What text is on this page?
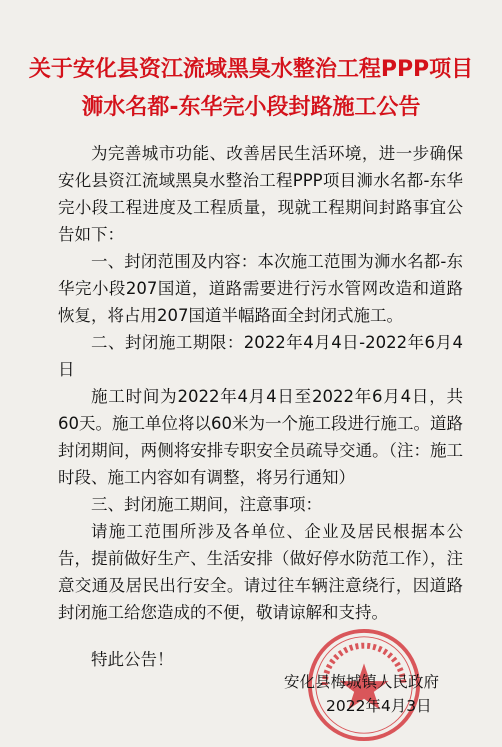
关于安化县资江流域黑臭水整治工程PPP项目
浉水名都-东华完小段封路施工公告

为完善城市功能、改善居民生活环境，进一步确保安化县资江流域黑臭水整治工程PPP项目浉水名都-东华完小段工程进度及工程质量，现就工程期间封路事宜公告如下：

一、封闭范围及内容：本次施工范围为浉水名都-东华完小段207国道，道路需要进行污水管网改造和道路恢复，将占用207国道半幅路面全封闭式施工。

二、封闭施工期限：2022年4月4日-2022年6月4日

施工时间为2022年4月4日至2022年6月4日，共60天。施工单位将以60米为一个施工段进行施工。道路封闭期间，两侧将安排专职安全员疏导交通。（注：施工时段、施工内容如有调整，将另行通知）

三、封闭施工期间，注意事项：

请施工范围所涉及各单位、企业及居民根据本公告，提前做好生产、生活安排（做好停水防范工作），注意交通及居民出行安全。请过往车辆注意绕行，因道路封闭施工给您造成的不便，敬请谅解和支持。

特此公告！
安化县梅城镇人民政府
2022年4月3日
